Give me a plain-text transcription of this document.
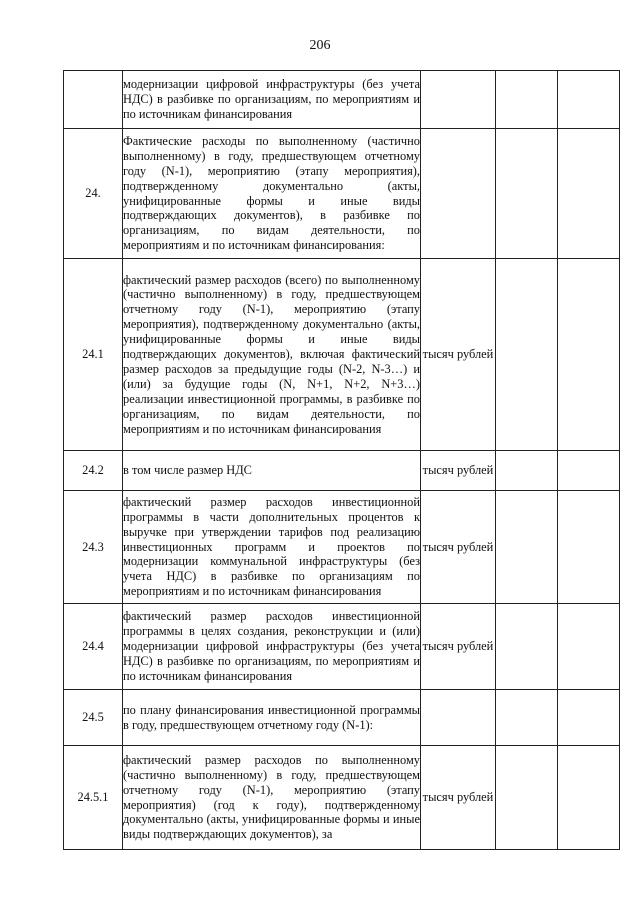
206
	модернизации цифровой инфраструктуры (без учета НДС) в разбивке по организациям, по мероприятиям и по источникам финансирования			
24.	Фактические расходы по выполненному (частично выполненному) в году, предшествующем отчетному году (N-1), мероприятию (этапу мероприятия), подтвержденному документально (акты, унифицированные формы и иные виды подтверждающих документов), в разбивке по организациям, по видам деятельности, по мероприятиям и по источникам финансирования:			
24.1	фактический размер расходов (всего) по выполненному (частично выполненному) в году, предшествующем отчетному году (N-1), мероприятию (этапу мероприятия), подтвержденному документально (акты, унифицированные формы и иные виды подтверждающих документов), включая фактический размер расходов за предыдущие годы (N-2, N-3…) и (или) за будущие годы (N, N+1, N+2, N+3…) реализации инвестиционной программы, в разбивке по организациям, по видам деятельности, по мероприятиям и по источникам финансирования	тысяч рублей		
24.2	в том числе размер НДС	тысяч рублей		
24.3	фактический размер расходов инвестиционной программы в части дополнительных процентов к выручке при утверждении тарифов под реализацию инвестиционных программ и проектов по модернизации коммунальной инфраструктуры (без учета НДС) в разбивке по организациям по мероприятиям и по источникам финансирования	тысяч рублей		
24.4	фактический размер расходов инвестиционной программы в целях создания, реконструкции и (или) модернизации цифровой инфраструктуры (без учета НДС) в разбивке по организациям, по мероприятиям и по источникам финансирования	тысяч рублей		
24.5	по плану финансирования инвестиционной программы в году, предшествующем отчетному году (N-1):			
24.5.1	фактический размер расходов по выполненному (частично выполненному) в году, предшествующем отчетному году (N-1), мероприятию (этапу мероприятия) (год к году), подтвержденному документально (акты, унифицированные формы и иные виды подтверждающих документов), за	тысяч рублей		
